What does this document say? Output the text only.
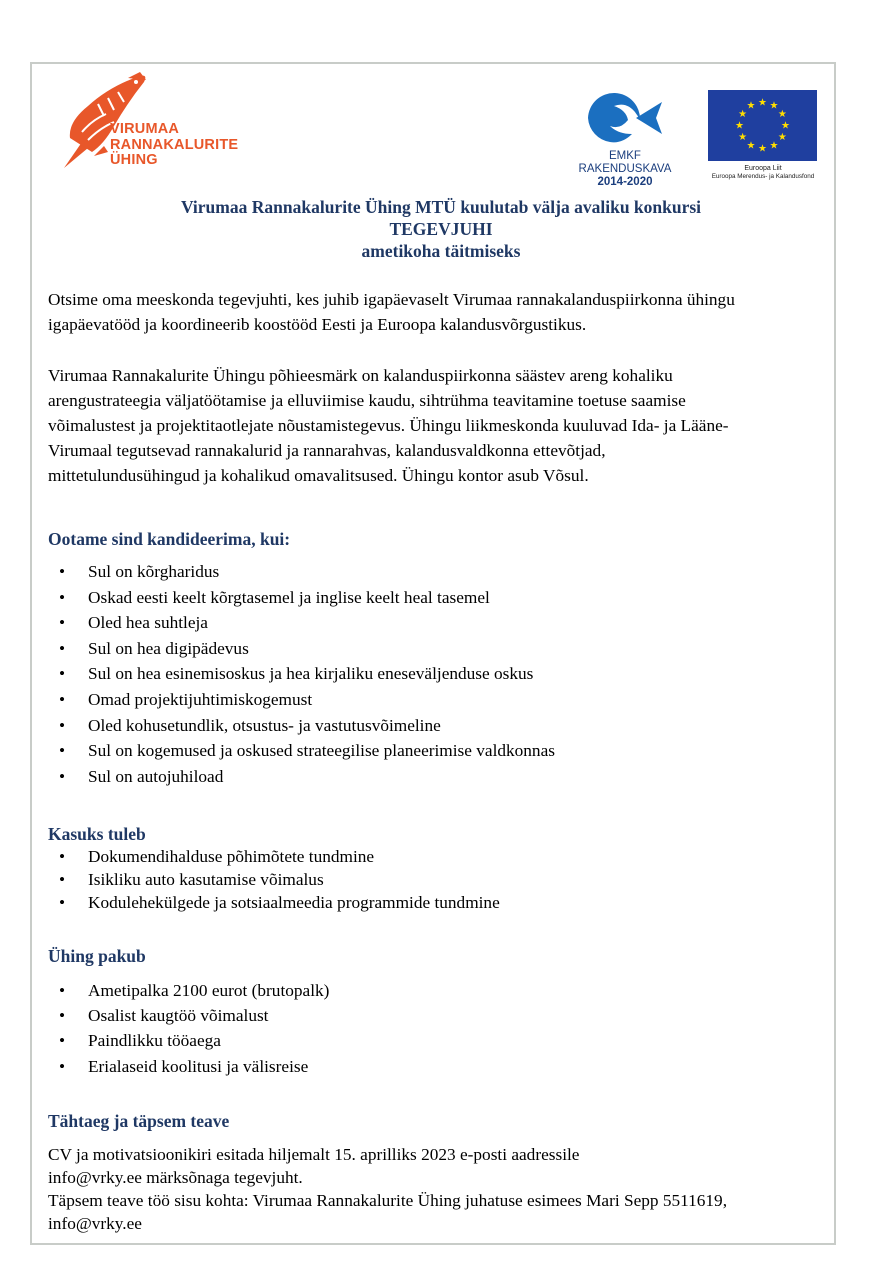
VIRUMAA
RANNAKALURITE
ÜHING	EMKF
RAKENDUSKAVA
2014-2020
★ ★
★
★
★
★
★
★
★
★
★
★
Euroopa Liit
Euroopa Merendus- ja Kalandusfond
Virumaa Rannakalurite Ühing MTÜ kuulutab välja avaliku konkursi
TEGEVJUHI
ametikoha täitmiseks
Otsime oma meeskonda tegevjuhti, kes juhib igapäevaselt Virumaa rannakalanduspiirkonna ühingu
igapäevatööd ja koordineerib koostööd Eesti ja Euroopa kalandusvõrgustikus.
Virumaa Rannakalurite Ühingu põhieesmärk on kalanduspiirkonna säästev areng kohaliku
arengustrateegia väljatöötamise ja elluviimise kaudu, sihtrühma teavitamine toetuse saamise
võimalustest ja projektitaotlejate nõustamistegevus. Ühingu liikmeskonda kuuluvad Ida- ja Lääne-
Virumaal tegutsevad rannakalurid ja rannarahvas, kalandusvaldkonna ettevõtjad,
mittetulundusühingud ja kohalikud omavalitsused. Ühingu kontor asub Võsul.
Ootame sind kandideerima, kui:
• Sul on kõrgharidus
• Oskad eesti keelt kõrgtasemel ja inglise keelt heal tasemel
• Oled hea suhtleja
• Sul on hea digipädevus
• Sul on hea esinemisoskus ja hea kirjaliku eneseväljenduse oskus
• Omad projektijuhtimiskogemust
• Oled kohusetundlik, otsustus- ja vastutusvõimeline
• Sul on kogemused ja oskused strateegilise planeerimise valdkonnas
• Sul on autojuhiload
Kasuks tuleb
• Dokumendihalduse põhimõtete tundmine
• Isikliku auto kasutamise võimalus
• Kodulehekülgede ja sotsiaalmeedia programmide tundmine
Ühing pakub
• Ametipalka 2100 eurot (brutopalk)
• Osalist kaugtöö võimalust
• Paindlikku tööaega
• Erialaseid koolitusi ja välisreise
Tähtaeg ja täpsem teave
CV ja motivatsioonikiri esitada hiljemalt 15. aprilliks 2023 e-posti aadressile
info@vrky.ee märksõnaga tegevjuht.
Täpsem teave töö sisu kohta: Virumaa Rannakalurite Ühing juhatuse esimees Mari Sepp 5511619,
info@vrky.ee
